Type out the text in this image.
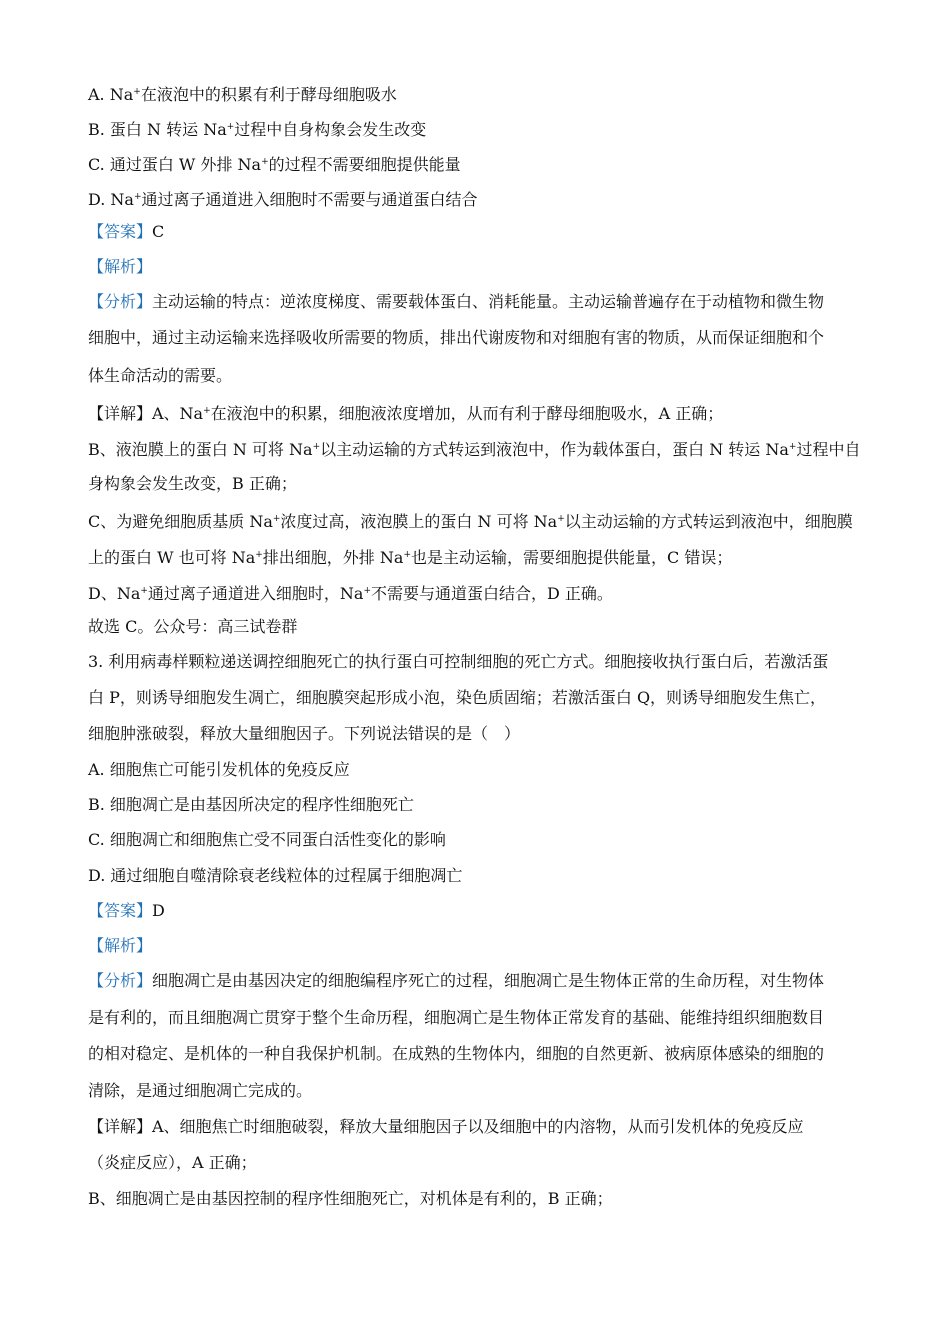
A. Na+在液泡中的积累有利于酵母细胞吸水
B. 蛋白 N 转运 Na+过程中自身构象会发生改变
C. 通过蛋白 W 外排 Na+的过程不需要细胞提供能量
D. Na+通过离子通道进入细胞时不需要与通道蛋白结合
【答案】C
【解析】
【分析】主动运输的特点：逆浓度梯度、需要载体蛋白、消耗能量。主动运输普遍存在于动植物和微生物
细胞中，通过主动运输来选择吸收所需要的物质，排出代谢废物和对细胞有害的物质，从而保证细胞和个
体生命活动的需要。
【详解】A、Na+在液泡中的积累，细胞液浓度增加，从而有利于酵母细胞吸水，A 正确；
B、液泡膜上的蛋白 N 可将 Na+以主动运输的方式转运到液泡中，作为载体蛋白，蛋白 N 转运 Na+过程中自
身构象会发生改变，B 正确；
C、为避免细胞质基质 Na+浓度过高，液泡膜上的蛋白 N 可将 Na+以主动运输的方式转运到液泡中，细胞膜
上的蛋白 W 也可将 Na+排出细胞，外排 Na+也是主动运输，需要细胞提供能量，C 错误；
D、Na+通过离子通道进入细胞时，Na+不需要与通道蛋白结合，D 正确。
故选 C。公众号：高三试卷群
3. 利用病毒样颗粒递送调控细胞死亡的执行蛋白可控制细胞的死亡方式。细胞接收执行蛋白后，若激活蛋
白 P，则诱导细胞发生凋亡，细胞膜突起形成小泡，染色质固缩；若激活蛋白 Q，则诱导细胞发生焦亡，
细胞肿涨破裂，释放大量细胞因子。下列说法错误的是（　）
A. 细胞焦亡可能引发机体的免疫反应
B. 细胞凋亡是由基因所决定的程序性细胞死亡
C. 细胞凋亡和细胞焦亡受不同蛋白活性变化的影响
D. 通过细胞自噬清除衰老线粒体的过程属于细胞凋亡
【答案】D
【解析】
【分析】细胞凋亡是由基因决定的细胞编程序死亡的过程，细胞凋亡是生物体正常的生命历程，对生物体
是有利的，而且细胞凋亡贯穿于整个生命历程，细胞凋亡是生物体正常发育的基础、能维持组织细胞数目
的相对稳定、是机体的一种自我保护机制。在成熟的生物体内，细胞的自然更新、被病原体感染的细胞的
清除，是通过细胞凋亡完成的。
【详解】A、细胞焦亡时细胞破裂，释放大量细胞因子以及细胞中的内溶物，从而引发机体的免疫反应
（炎症反应），A 正确；
B、细胞凋亡是由基因控制的程序性细胞死亡，对机体是有利的，B 正确；
